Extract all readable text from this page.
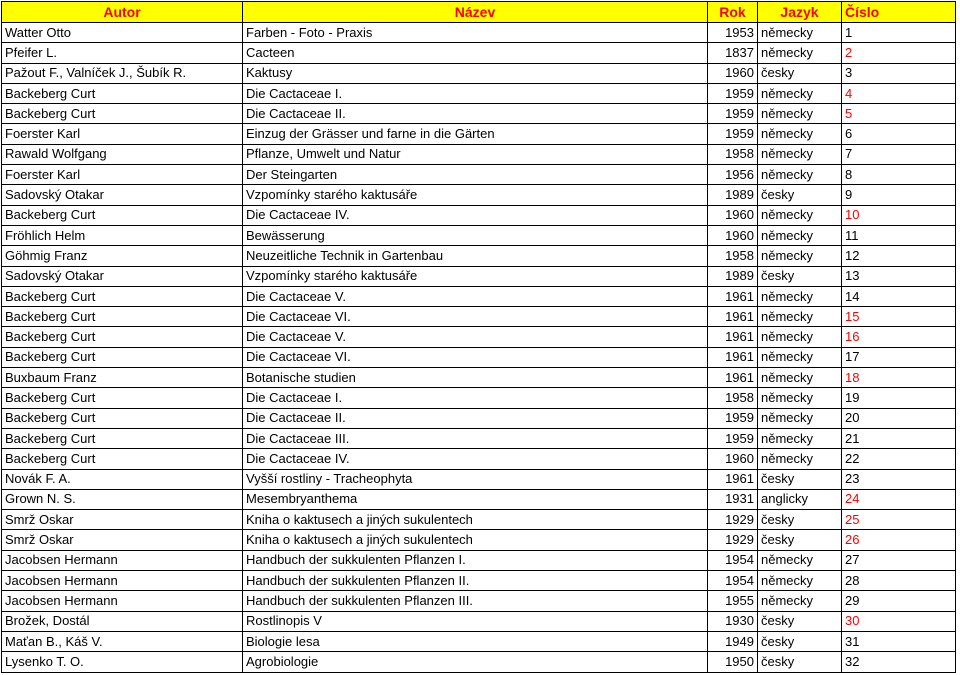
Autor	Název	Rok	Jazyk	Číslo
Watter Otto	Farben - Foto - Praxis	1953	německy	1
Pfeifer L.	Cacteen	1837	německy	2
Pažout F., Valníček J., Šubík R.	Kaktusy	1960	česky	3
Backeberg Curt	Die Cactaceae I.	1959	německy	4
Backeberg Curt	Die Cactaceae II.	1959	německy	5
Foerster Karl	Einzug der Grässer und farne in die Gärten	1959	německy	6
Rawald Wolfgang	Pflanze, Umwelt und Natur	1958	německy	7
Foerster Karl	Der Steingarten	1956	německy	8
Sadovský Otakar	Vzpomínky starého kaktusáře	1989	česky	9
Backeberg Curt	Die Cactaceae IV.	1960	německy	10
Fröhlich Helm	Bewässerung	1960	německy	11
Göhmig Franz	Neuzeitliche Technik in Gartenbau	1958	německy	12
Sadovský Otakar	Vzpomínky starého kaktusáře	1989	česky	13
Backeberg Curt	Die Cactaceae V.	1961	německy	14
Backeberg Curt	Die Cactaceae VI.	1961	německy	15
Backeberg Curt	Die Cactaceae V.	1961	německy	16
Backeberg Curt	Die Cactaceae VI.	1961	německy	17
Buxbaum Franz	Botanische studien	1961	německy	18
Backeberg Curt	Die Cactaceae I.	1958	německy	19
Backeberg Curt	Die Cactaceae II.	1959	německy	20
Backeberg Curt	Die Cactaceae III.	1959	německy	21
Backeberg Curt	Die Cactaceae IV.	1960	německy	22
Novák F. A.	Vyšší rostliny - Tracheophyta	1961	česky	23
Grown N. S.	Mesembryanthema	1931	anglicky	24
Smrž Oskar	Kniha o kaktusech a jiných sukulentech	1929	česky	25
Smrž Oskar	Kniha o kaktusech a jiných sukulentech	1929	česky	26
Jacobsen Hermann	Handbuch der sukkulenten Pflanzen I.	1954	německy	27
Jacobsen Hermann	Handbuch der sukkulenten Pflanzen II.	1954	německy	28
Jacobsen Hermann	Handbuch der sukkulenten Pflanzen III.	1955	německy	29
Brožek, Dostál	Rostlinopis V	1930	česky	30
Maťan B., Káš V.	Biologie lesa	1949	česky	31
Lysenko T. O.	Agrobiologie	1950	česky	32
